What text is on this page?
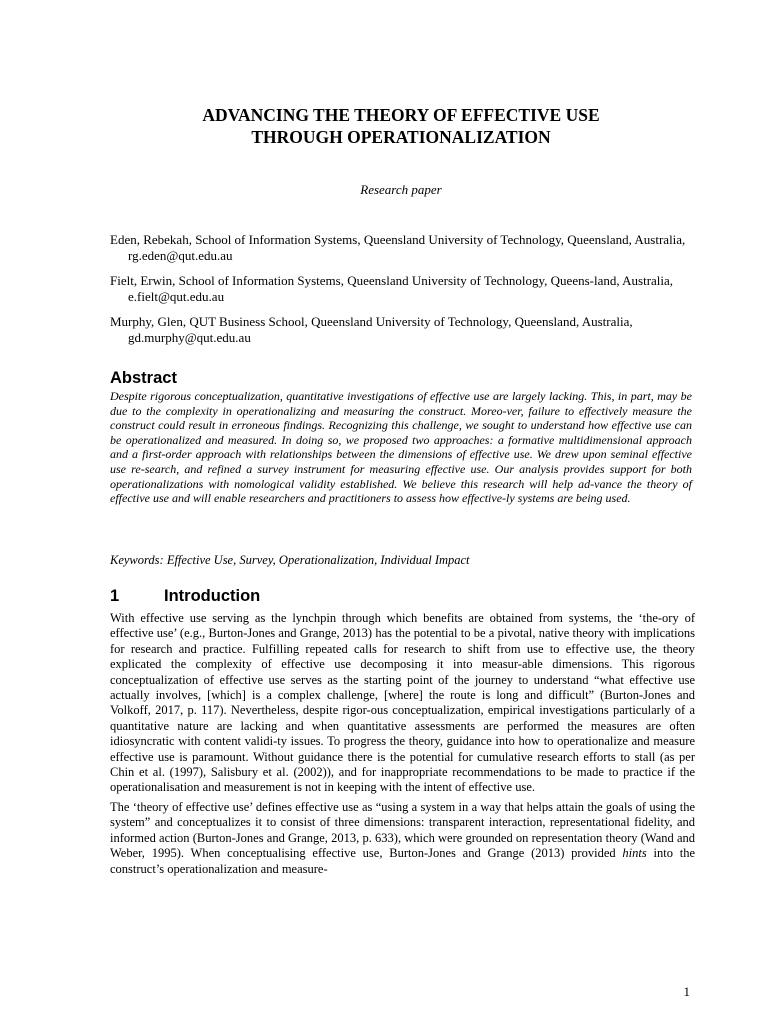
ADVANCING THE THEORY OF EFFECTIVE USE
THROUGH OPERATIONALIZATION
Research paper

Eden, Rebekah, School of Information Systems, Queensland University of Technology, Queensland, Australia, rg.eden@qut.edu.au

Fielt, Erwin, School of Information Systems, Queensland University of Technology, Queens-land, Australia, e.fielt@qut.edu.au

Murphy, Glen, QUT Business School, Queensland University of Technology, Queensland, Australia, gd.murphy@qut.edu.au

Abstract

Despite rigorous conceptualization, quantitative investigations of effective use are largely lacking. This, in part, may be due to the complexity in operationalizing and measuring the construct. Moreo-ver, failure to effectively measure the construct could result in erroneous findings. Recognizing this challenge, we sought to understand how effective use can be operationalized and measured. In doing so, we proposed two approaches: a formative multidimensional approach and a first-order approach with relationships between the dimensions of effective use. We drew upon seminal effective use re-search, and refined a survey instrument for measuring effective use. Our analysis provides support for both operationalizations with nomological validity established. We believe this research will help ad-vance the theory of effective use and will enable researchers and practitioners to assess how effective-ly systems are being used.

Keywords: Effective Use, Survey, Operationalization, Individual Impact

1	Introduction

With effective use serving as the lynchpin through which benefits are obtained from systems, the ‘the-ory of effective use’ (e.g., Burton-Jones and Grange, 2013) has the potential to be a pivotal, native theory with implications for research and practice. Fulfilling repeated calls for research to shift from use to effective use, the theory explicated the complexity of effective use decomposing it into measur-able dimensions. This rigorous conceptualization of effective use serves as the starting point of the journey to understand “what effective use actually involves, [which] is a complex challenge, [where] the route is long and difficult” (Burton-Jones and Volkoff, 2017, p. 117). Nevertheless, despite rigor-ous conceptualization, empirical investigations particularly of a quantitative nature are lacking and when quantitative assessments are performed the measures are often idiosyncratic with content validi-ty issues. To progress the theory, guidance into how to operationalize and measure effective use is paramount. Without guidance there is the potential for cumulative research efforts to stall (as per Chin et al. (1997), Salisbury et al. (2002)), and for inappropriate recommendations to be made to practice if the operationalisation and measurement is not in keeping with the intent of effective use.

The ‘theory of effective use’ defines effective use as “using a system in a way that helps attain the goals of using the system” and conceptualizes it to consist of three dimensions: transparent interaction, representational fidelity, and informed action (Burton-Jones and Grange, 2013, p. 633), which were grounded on representation theory (Wand and Weber, 1995). When conceptualising effective use, Burton-Jones and Grange (2013) provided hints into the construct’s operationalization and measure-

1
